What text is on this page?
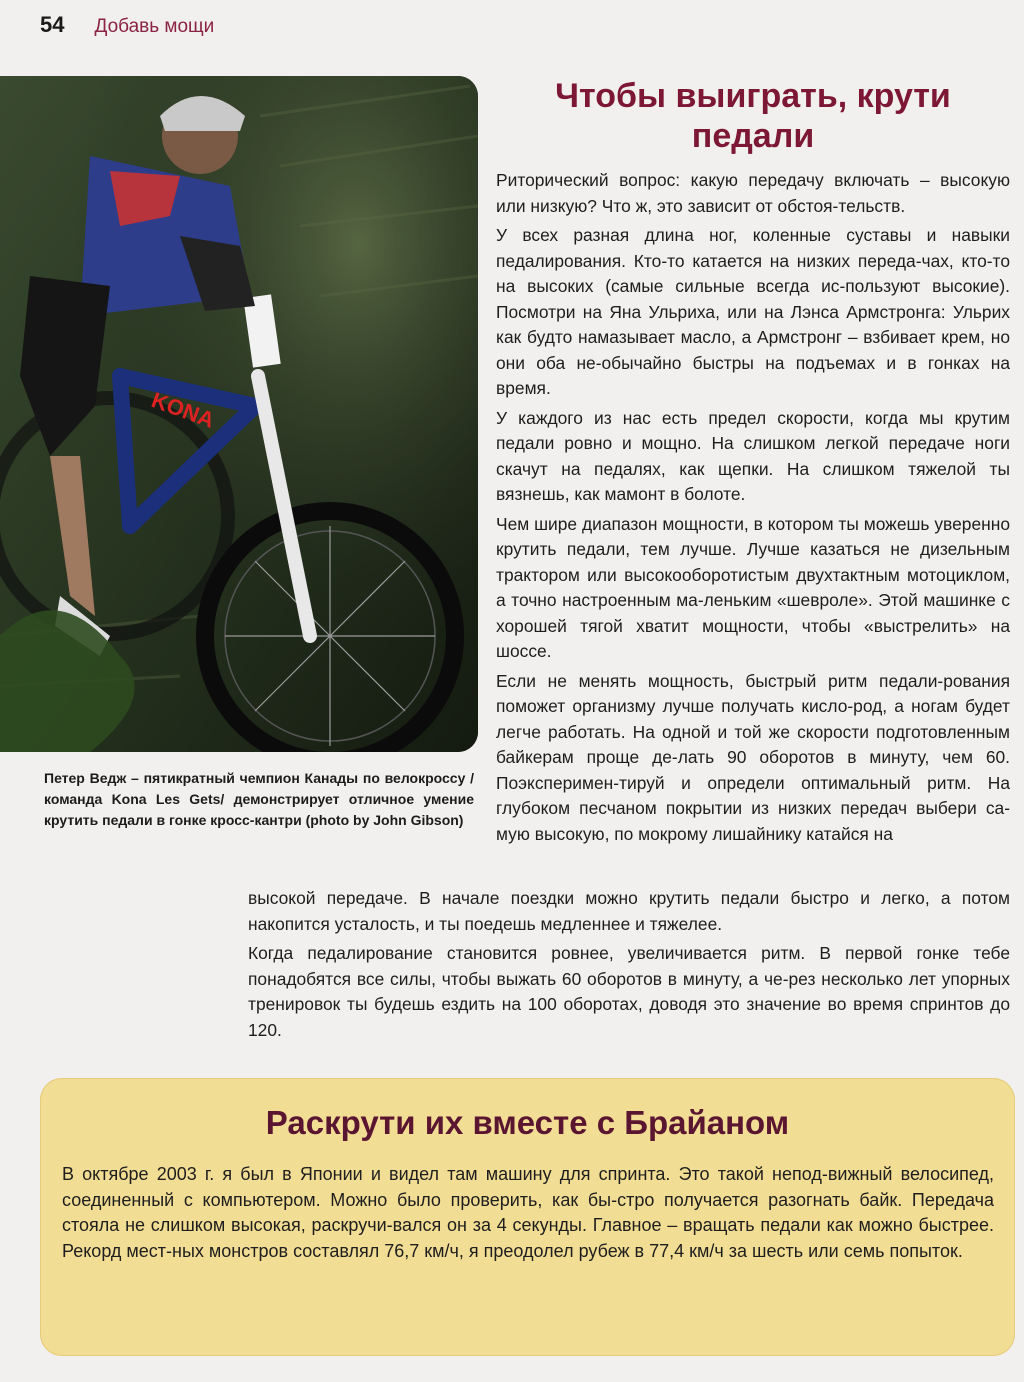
54 Добавь мощи
KONA
Петер Ведж – пятикратный чемпион Канады по велокроссу /команда Kona Les Gets/ демонстрирует отличное умение крутить педали в гонке кросс-кантри (photo by John Gibson)
Чтобы выиграть, крути
педали

Риторический вопрос: какую передачу включать – высокую или низкую? Что ж, это зависит от обстоя-тельств.

У всех разная длина ног, коленные суставы и навыки педалирования. Кто-то катается на низких переда-чах, кто-то на высоких (самые сильные всегда ис-пользуют высокие). Посмотри на Яна Ульриха, или на Лэнса Армстронга: Ульрих как будто намазывает масло, а Армстронг – взбивает крем, но они оба не-обычайно быстры на подъемах и в гонках на время.

У каждого из нас есть предел скорости, когда мы крутим педали ровно и мощно. На слишком легкой передаче ноги скачут на педалях, как щепки. На слишком тяжелой ты вязнешь, как мамонт в болоте.

Чем шире диапазон мощности, в котором ты можешь уверенно крутить педали, тем лучше. Лучше казаться не дизельным трактором или высокооборотистым двухтактным мотоциклом, а точно настроенным ма-леньким «шевроле». Этой машинке с хорошей тягой хватит мощности, чтобы «выстрелить» на шоссе.

Если не менять мощность, быстрый ритм педали-рования поможет организму лучше получать кисло-род, а ногам будет легче работать. На одной и той же скорости подготовленным байкерам проще де-лать 90 оборотов в минуту, чем 60. Поэксперимен-тируй и определи оптимальный ритм. На глубоком песчаном покрытии из низких передач выбери са-мую высокую, по мокрому лишайнику катайся на

высокой передаче. В начале поездки можно крутить педали быстро и легко, а потом накопится усталость, и ты поедешь медленнее и тяжелее.

Когда педалирование становится ровнее, увеличивается ритм. В первой гонке тебе понадобятся все силы, чтобы выжать 60 оборотов в минуту, а че-рез несколько лет упорных тренировок ты будешь ездить на 100 оборотах, доводя это значение во время спринтов до 120.

Раскрути их вместе с Брайаном
В октябре 2003 г. я был в Японии и видел там машину для спринта. Это такой непод-вижный велосипед, соединенный с компьютером. Можно было проверить, как бы-стро получается разогнать байк. Передача стояла не слишком высокая, раскручи-вался он за 4 секунды. Главное – вращать педали как можно быстрее. Рекорд мест-ных монстров составлял 76,7 км/ч, я преодолел рубеж в 77,4 км/ч за шесть или семь попыток.
